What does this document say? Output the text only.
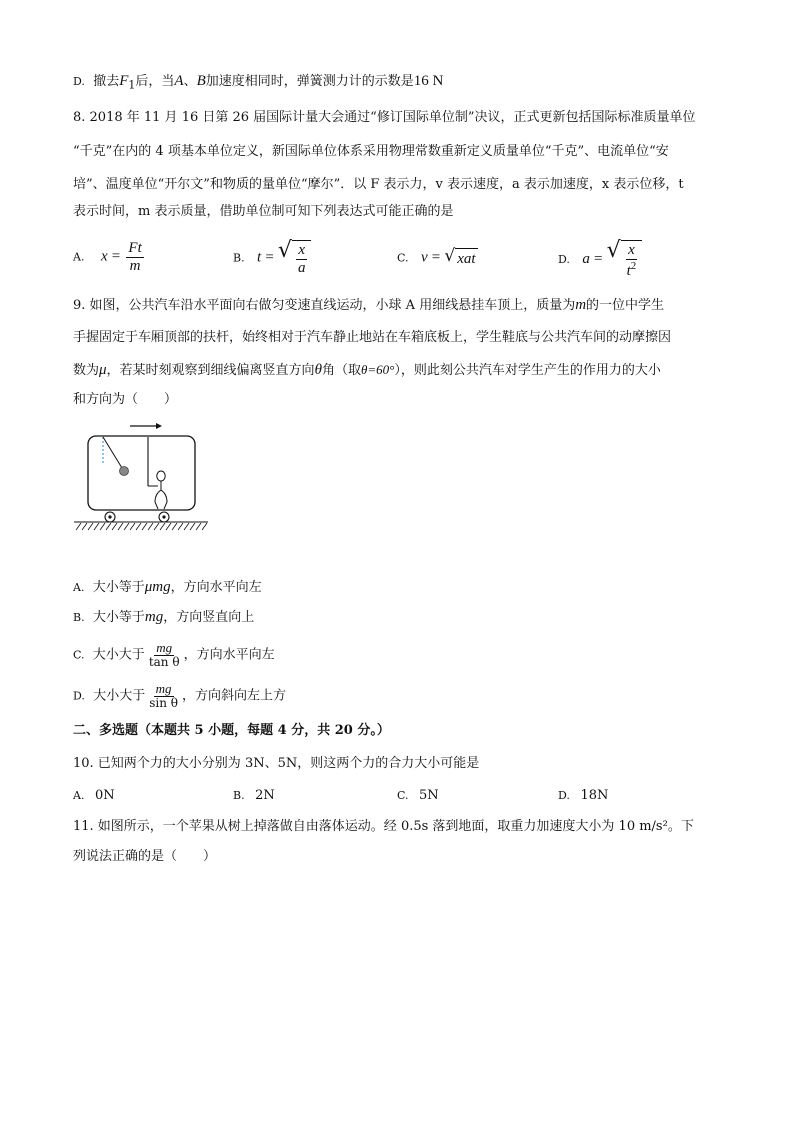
D. 撤去$F_1$后，当A、B加速度相同时，弹簧测力计的示数是16 N
8. 2018 年 11 月 16 日第 26 届国际计量大会通过“修订国际单位制”决议，正式更新包括国际标准质量单位
“千克”在内的 4 项基本单位定义，新国际单位体系采用物理常数重新定义质量单位“千克”、电流单位“安
培”、温度单位“开尔文”和物质的量单位“摩尔”．以 F 表示力，v 表示速度，a 表示加速度，x 表示位移，t
表示时间，m 表示质量，借助单位制可知下列表达式可能正确的是
A. $x = \frac{Ft}{m}$	B. t = √ $\frac{x}{a}$	C. v = √ xat	D. a = √ $\frac{x}{t^2}$
9. 如图，公共汽车沿水平面向右做匀变速直线运动，小球 A 用细线悬挂车顶上，质量为m的一位中学生
手握固定于车厢顶部的扶杆，始终相对于汽车静止地站在车箱底板上，学生鞋底与公共汽车间的动摩擦因
数为μ，若某时刻观察到细线偏离竖直方向θ角（取θ=60°），则此刻公共汽车对学生产生的作用力的大小
和方向为（　　）
A. 大小等于μmg，方向水平向左
B. 大小等于mg，方向竖直向上
C. 大小大于 $\frac{mg}{\text{tan θ}}$ ，方向水平向左
D. 大小大于 $\frac{mg}{\text{sin θ}}$ ，方向斜向左上方
二、多选题（本题共 5 小题，每题 4 分，共 20 分。）
10. 已知两个力的大小分别为 3N、5N，则这两个力的合力大小可能是
A. 0N	B. 2N	C. 5N	D. 18N
11. 如图所示，一个苹果从树上掉落做自由落体运动。经 0.5s 落到地面，取重力加速度大小为 10 m/s²。下
列说法正确的是（　　）
